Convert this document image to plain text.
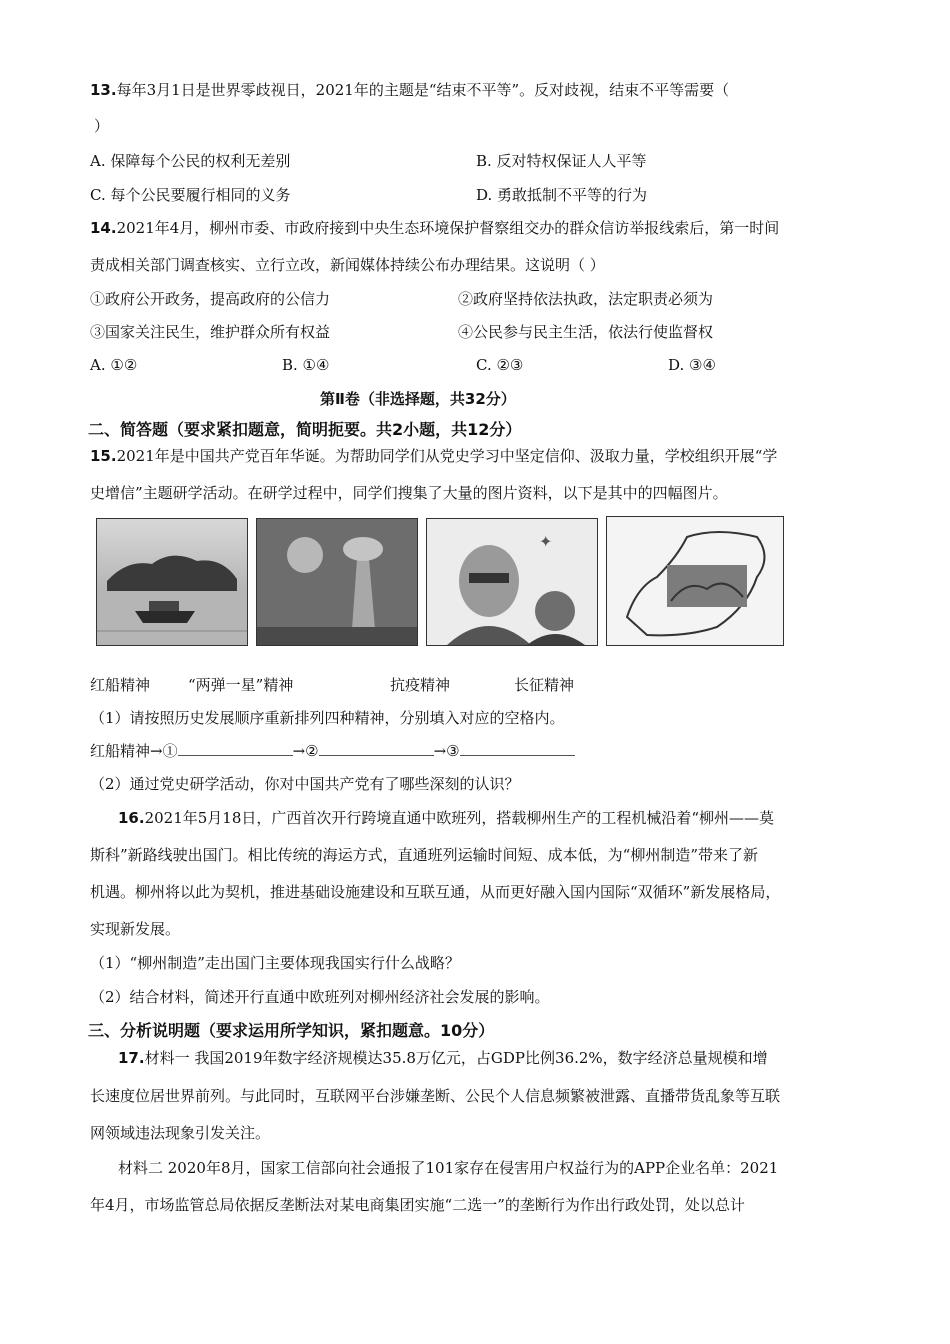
13.每年3月1日是世界零歧视日，2021年的主题是“结束不平等”。反对歧视，结束不平等需要（
）
A. 保障每个公民的权利无差别	B. 反对特权保证人人平等
C. 每个公民要履行相同的义务	D. 勇敢抵制不平等的行为
14.2021年4月，柳州市委、市政府接到中央生态环境保护督察组交办的群众信访举报线索后，第一时间
责成相关部门调查核实、立行立改，新闻媒体持续公布办理结果。这说明（ ）
①政府公开政务，提高政府的公信力	②政府坚持依法执政，法定职责必须为
③国家关注民生，维护群众所有权益	④公民参与民主生活，依法行使监督权
A. ①②	B. ①④	C. ②③	D. ③④
第Ⅱ卷（非选择题，共32分）
二、简答题（要求紧扣题意，简明扼要。共2小题，共12分）
15.2021年是中国共产党百年华诞。为帮助同学们从党史学习中坚定信仰、汲取力量，学校组织开展“学
史增信”主题研学活动。在研学过程中，同学们搜集了大量的图片资料，以下是其中的四幅图片。
✦
红船精神	“两弹一星”精神	抗疫精神	长征精神
（1）请按照历史发展顺序重新排列四种精神，分别填入对应的空格内。
红船精神→①	→②	→③
（2）通过党史研学活动，你对中国共产党有了哪些深刻的认识？
16.2021年5月18日，广西首次开行跨境直通中欧班列，搭载柳州生产的工程机械沿着“柳州——莫
斯科”新路线驶出国门。相比传统的海运方式，直通班列运输时间短、成本低，为“柳州制造”带来了新
机遇。柳州将以此为契机，推进基础设施建设和互联互通，从而更好融入国内国际“双循环”新发展格局，
实现新发展。
（1）“柳州制造”走出国门主要体现我国实行什么战略？
（2）结合材料，简述开行直通中欧班列对柳州经济社会发展的影响。
三、分析说明题（要求运用所学知识，紧扣题意。10分）
17.材料一 我国2019年数字经济规模达35.8万亿元，占GDP比例36.2%，数字经济总量规模和增
长速度位居世界前列。与此同时，互联网平台涉嫌垄断、公民个人信息频繁被泄露、直播带货乱象等互联
网领域违法现象引发关注。
材料二 2020年8月，国家工信部向社会通报了101家存在侵害用户权益行为的APP企业名单：2021
年4月，市场监管总局依据反垄断法对某电商集团实施“二选一”的垄断行为作出行政处罚，处以总计
